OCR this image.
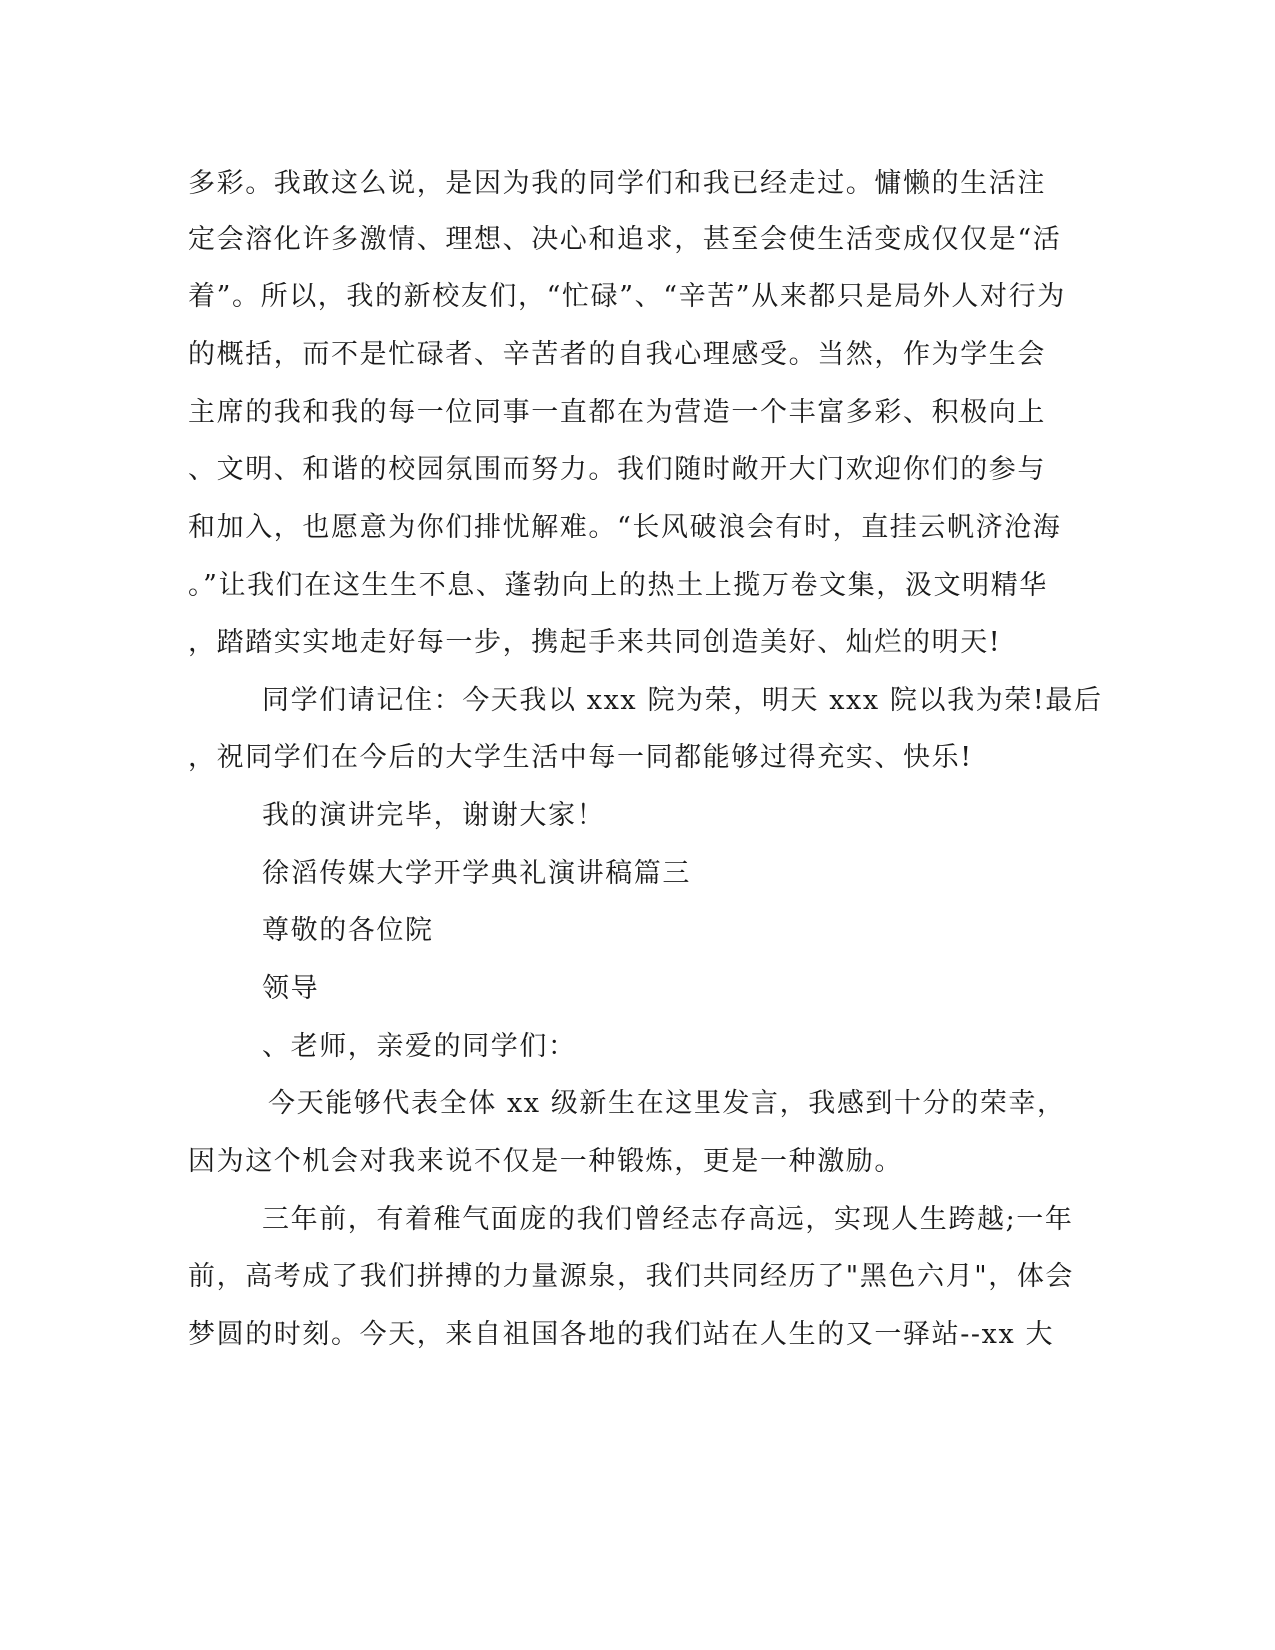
多彩。我敢这么说，是因为我的同学们和我已经走过。慵懒的生活注

定会溶化许多激情、理想、决心和追求，甚至会使生活变成仅仅是“活

着”。所以，我的新校友们，“忙碌”、“辛苦”从来都只是局外人对行为

的概括，而不是忙碌者、辛苦者的自我心理感受。当然，作为学生会

主席的我和我的每一位同事一直都在为营造一个丰富多彩、积极向上

、文明、和谐的校园氛围而努力。我们随时敞开大门欢迎你们的参与

和加入，也愿意为你们排忧解难。“长风破浪会有时，直挂云帆济沧海

。”让我们在这生生不息、蓬勃向上的热土上揽万卷文集，汲文明精华

，踏踏实实地走好每一步，携起手来共同创造美好、灿烂的明天!

同学们请记住：今天我以 xxx 院为荣，明天 xxx 院以我为荣!最后

，祝同学们在今后的大学生活中每一同都能够过得充实、快乐!

我的演讲完毕，谢谢大家！

徐滔传媒大学开学典礼演讲稿篇三

尊敬的各位院

领导

、老师，亲爱的同学们：

今天能够代表全体 xx 级新生在这里发言，我感到十分的荣幸，

因为这个机会对我来说不仅是一种锻炼，更是一种激励。

三年前，有着稚气面庞的我们曾经志存高远，实现人生跨越;一年

前，高考成了我们拼搏的力量源泉，我们共同经历了"黑色六月"，体会

梦圆的时刻。今天，来自祖国各地的我们站在人生的又一驿站--xx 大
